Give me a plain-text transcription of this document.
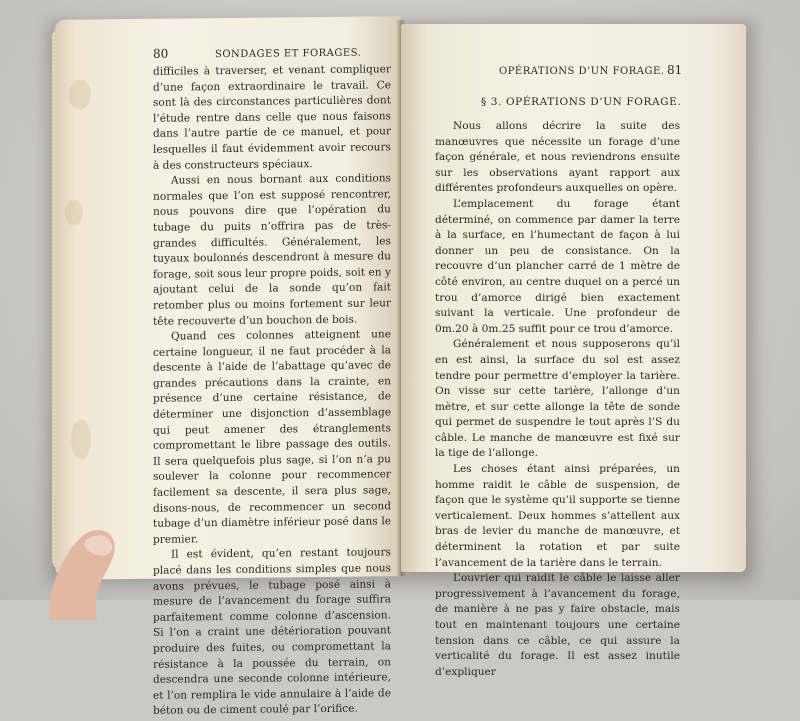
80	SONDAGES ET FORAGES.

difficiles à traverser, et venant compliquer d’une façon extraordinaire le travail. Ce sont là des circonstances particulières dont l’étude rentre dans celle que nous faisons dans l’autre partie de ce manuel, et pour lesquelles il faut évidemment avoir recours à des constructeurs spéciaux.

Aussi en nous bornant aux conditions normales que l’on est supposé rencontrer, nous pouvons dire que l’opération du tubage du puits n’offrira pas de très-grandes difficultés. Généralement, les tuyaux boulonnés descendront à mesure du forage, soit sous leur propre poids, soit en y ajoutant celui de la sonde qu’on fait retomber plus ou moins fortement sur leur tête recouverte d’un bouchon de bois.

Quand ces colonnes atteignent une certaine longueur, il ne faut procéder à la descente à l’aide de l’abattage qu’avec de grandes précautions dans la crainte, en présence d’une certaine résistance, de déterminer une disjonction d’assemblage qui peut amener des étranglements compromettant le libre passage des outils. Il sera quelquefois plus sage, si l’on n’a pu soulever la colonne pour recommencer facilement sa descente, il sera plus sage, disons-nous, de recommencer un second tubage d’un diamètre inférieur posé dans le premier.

Il est évident, qu’en restant toujours placé dans les conditions simples que nous avons prévues, le tubage posé ainsi à mesure de l’avancement du forage suffira parfaitement comme colonne d’ascension. Si l’on a craint une détérioration pouvant produire des fuites, ou compromettant la résistance à la poussée du terrain, on descendra une seconde colonne intérieure, et l’on remplira le vide annulaire à l’aide de béton ou de ciment coulé par l’orifice.

OPÉRATIONS D’UN FORAGE. 81
§ 3. OPÉRATIONS D’UN FORAGE.

Nous allons décrire la suite des manœuvres que nécessite un forage d’une façon générale, et nous reviendrons ensuite sur les observations ayant rapport aux différentes profondeurs auxquelles on opère.

L’emplacement du forage étant déterminé, on commence par damer la terre à la surface, en l’humectant de façon à lui donner un peu de consistance. On la recouvre d’un plancher carré de 1 mètre de côté environ, au centre duquel on a percé un trou d’amorce dirigé bien exactement suivant la verticale. Une profondeur de 0m.20 à 0m.25 suffit pour ce trou d’amorce.

Généralement et nous supposerons qu’il en est ainsi, la surface du sol est assez tendre pour permettre d’employer la tarière. On visse sur cette tarière, l’allonge d’un mètre, et sur cette allonge la tête de sonde qui permet de suspendre le tout après l’S du câble. Le manche de manœuvre est fixé sur la tige de l’allonge.

Les choses étant ainsi préparées, un homme raidit le câble de suspension, de façon que le système qu’il supporte se tienne verticalement. Deux hommes s’attellent aux bras de levier du manche de manœuvre, et déterminent la rotation et par suite l’avancement de la tarière dans le terrain.

L’ouvrier qui raidit le câble le laisse aller progressivement à l’avancement du forage, de manière à ne pas y faire obstacle, mais tout en maintenant toujours une certaine tension dans ce câble, ce qui assure la verticalité du forage. Il est assez inutile d’expliquer
